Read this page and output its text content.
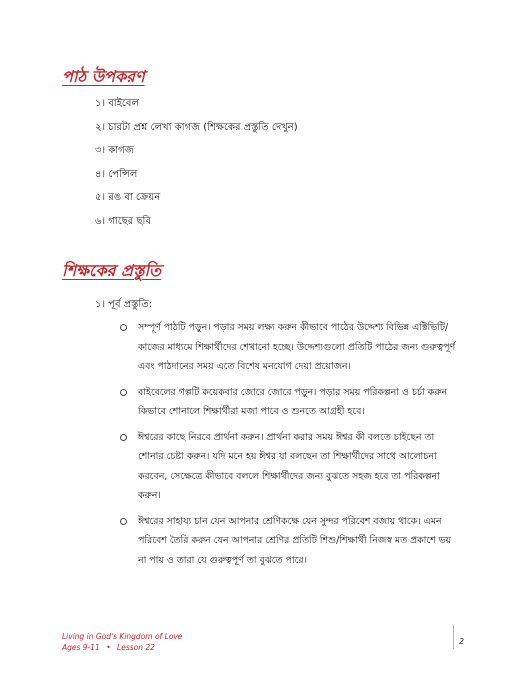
পাঠ উপকরণ
১। বাইবেল
২। চারটা প্রশ্ন লেখা কাগজ (শিক্ষকের প্রস্তুতি দেখুন)
৩। কাগজ
৪। পেন্সিল
৫। রঙ বা ক্রেয়ন
৬। গাছের ছবি
শিক্ষকের প্রস্তুতি

১। পূর্ব প্রস্তুতি:

সম্পূর্ণ পাঠটি পড়ুন। পড়ার সময় লক্ষ্য করুন কীভাবে পাঠের উদ্দেশ্য বিভিন্ন এক্টিভিটি/কাজের মাধ্যমে শিক্ষার্থীদের শেখানো হচ্ছে। উদ্দেশ্যগুলো প্রতিটি পাঠের জন্য গুরুত্বপূর্ণ এবং পাঠদানের সময় এতে বিশেষ মনযোগ দেয়া প্রয়োজন।
বাইবেলের গল্পটি কয়েকবার জোরে জোরে পড়ুন। পড়ার সময় পরিকল্পনা ও চর্চা করুন কিভাবে শোনালে শিক্ষার্থীরা মজা পাবে ও শুনতে আগ্রহী হবে।
ঈশ্বরের কাছে নিরবে প্রার্থনা করুন। প্রার্থনা করার সময় ঈশ্বর কী বলতে চাইছেন তা শোনার চেষ্টা করুন। যদি মনে হয় ঈশ্বর যা বলছেন তা শিক্ষার্থীদের সাথে আলোচনা করবেন, সেক্ষেত্রে কীভাবে বললে শিক্ষার্থীদের জন্য বুঝতে সহজ হবে তা পরিকল্পনা করুন।
ঈশ্বরের সাহায্য চান যেন আপনার শ্রেণিকক্ষে যেন সুন্দর পরিবেশ বজায় থাকে। এমন পরিবেশ তৈরি করুন যেন আপনার শ্রেণির প্রতিটি শিশু/শিক্ষার্থী নিজস্ব মত প্রকাশে ভয় না পায় ও তারা যে গুরুত্বপূর্ণ তা বুঝতে পারে।
Living in God's Kingdom of Love
Ages 9-11 • Lesson 22
2
